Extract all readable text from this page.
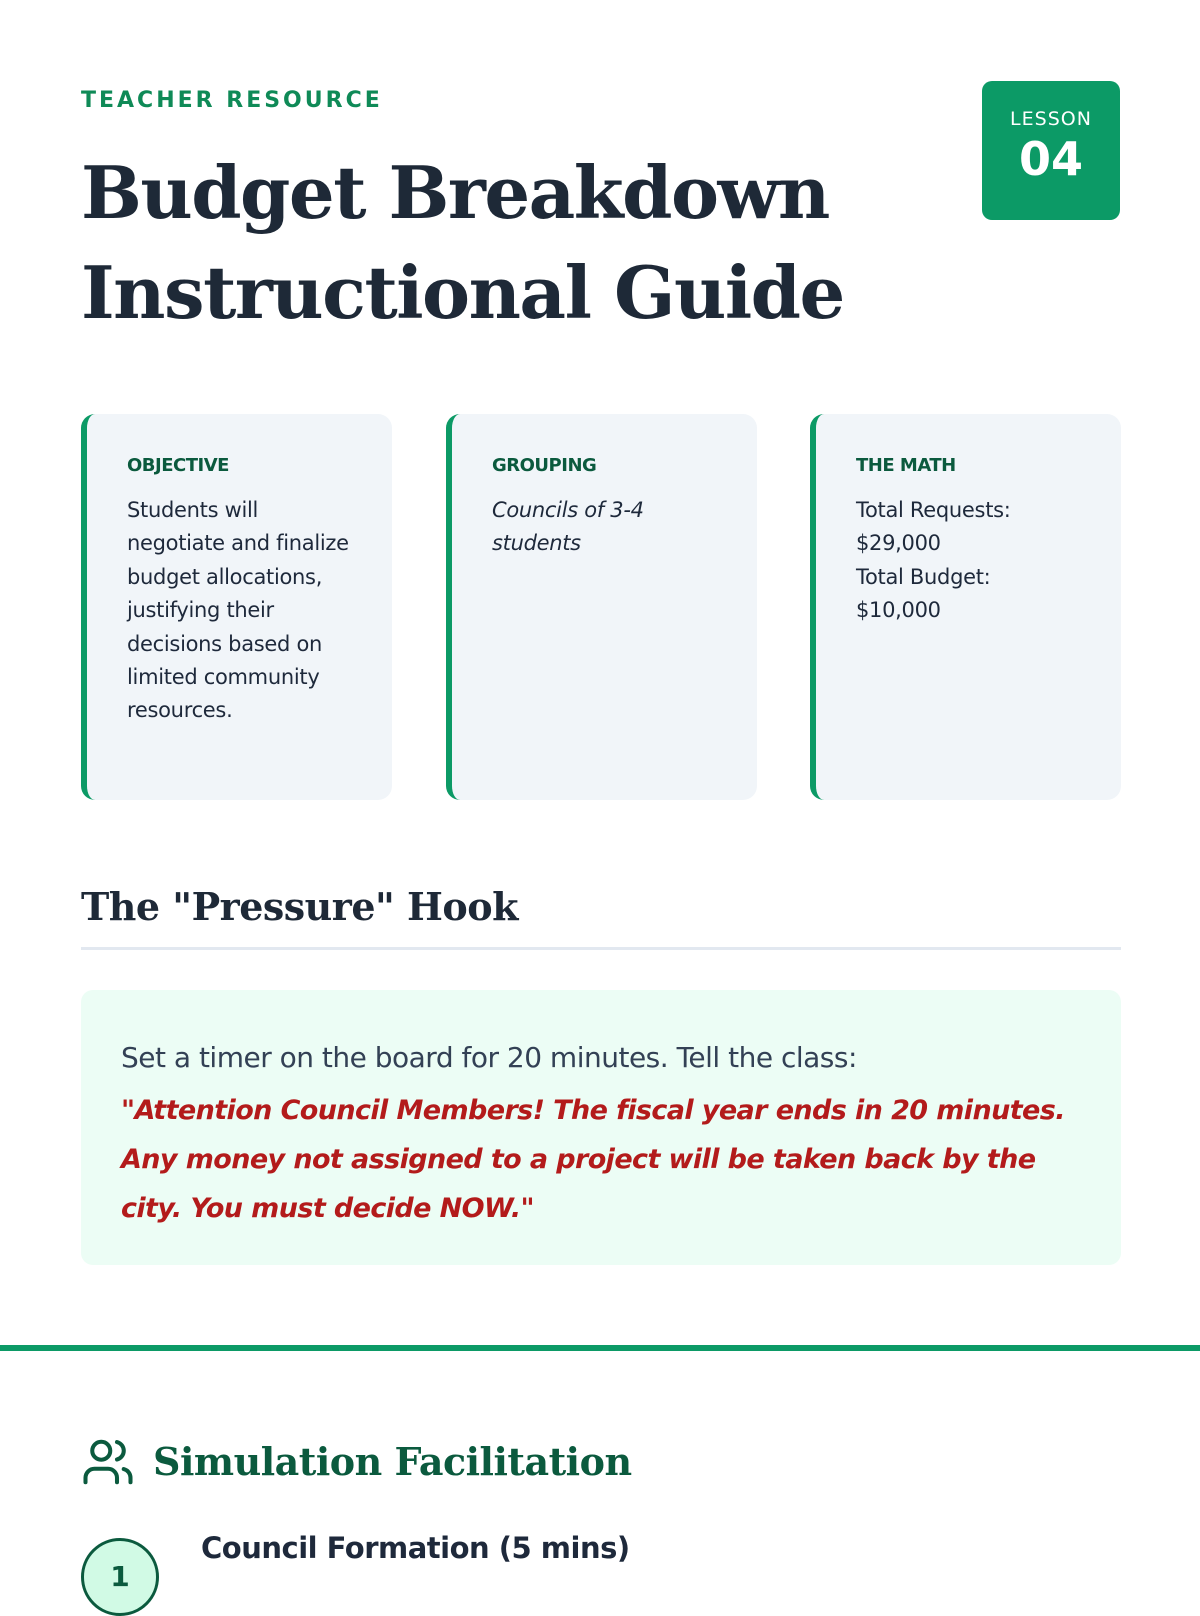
TEACHER RESOURCE

Budget Breakdown Instructional Guide
LESSON
04
OBJECTIVE

Students will negotiate and finalize budget allocations, justifying their decisions based on limited community resources.

GROUPING

Councils of 3-4 students

THE MATH

Total Requests:
$29,000
Total Budget:
$10,000

The "Pressure" Hook

Set a timer on the board for 20 minutes. Tell the class:

"Attention Council Members! The fiscal year ends in 20 minutes. Any money not assigned to a project will be taken back by the city. You must decide NOW."

Simulation Facilitation
1
Council Formation (5 mins)
